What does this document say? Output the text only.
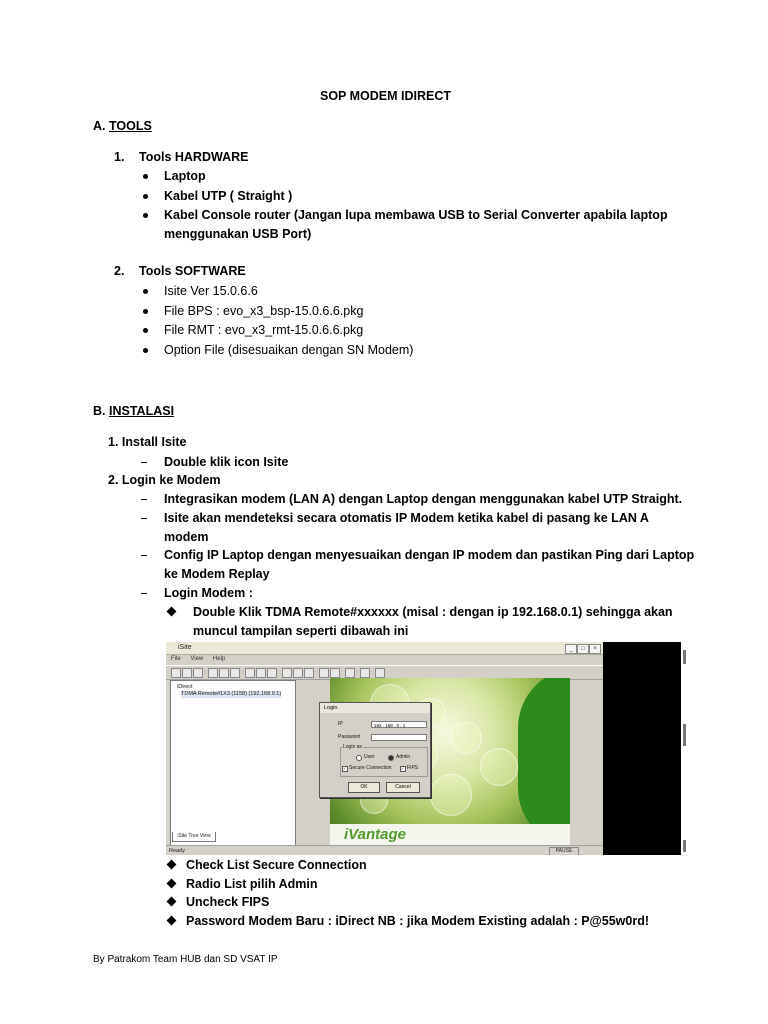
SOP MODEM IDIRECT
A. TOOLS
1. Tools HARDWARE
Laptop
Kabel UTP ( Straight )
Kabel Console router (Jangan lupa membawa USB to Serial Converter apabila laptop
menggunakan USB Port)
2. Tools SOFTWARE
Isite Ver 15.0.6.6
File BPS : evo_x3_bsp-15.0.6.6.pkg
File RMT : evo_x3_rmt-15.0.6.6.pkg
Option File (disesuaikan dengan SN Modem)
B. INSTALASI
1. Install Isite
Double klik icon Isite
2. Login ke Modem
Integrasikan modem (LAN A) dengan Laptop dengan menggunakan kabel UTP Straight.
Isite akan mendeteksi secara otomatis IP Modem ketika kabel di pasang ke LAN A
modem
Config IP Laptop dengan menyesuaikan dengan IP modem dan pastikan Ping dari Laptop
ke Modem Replay
Login Modem :
Double Klik TDMA Remote#xxxxxx (misal : dengan ip 192.168.0.1) sehingga akan
muncul tampilan seperti dibawah ini
iSite	_	□	×
File View Help
iDirect
TDMA Remote#1X3 (1158) (192.168.0.1)
iSite Tree View	iVantage
Login
IP	192 . 168 . 0 . 1
Password
Login as
User	Admin
✓ Secure Connection ✓ FIPS
OK	Cancel
Ready	PAUSE
Check List Secure Connection
Radio List pilih Admin
Uncheck FIPS
Password Modem Baru : iDirect NB : jika Modem Existing adalah : P@55w0rd!
By Patrakom Team HUB dan SD VSAT IP
